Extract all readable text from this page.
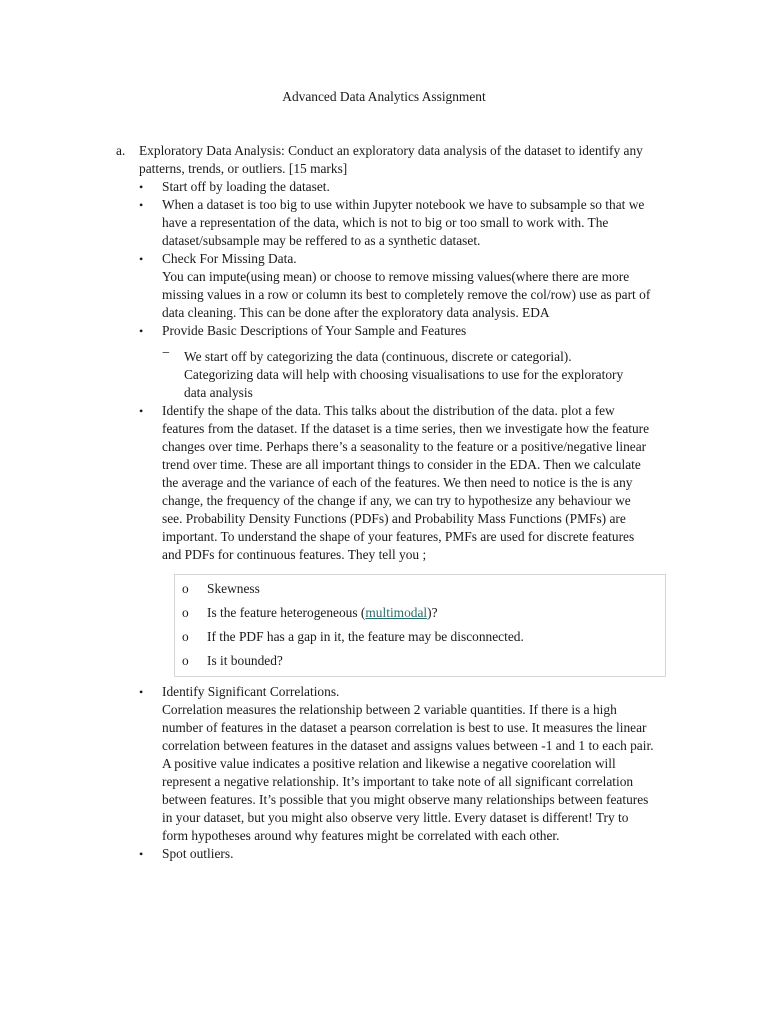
Advanced Data Analytics Assignment
a.	Exploratory Data Analysis: Conduct an exploratory data analysis of the dataset to identify any patterns, trends, or outliers. [15 marks]
• Start off by loading the dataset.
• When a dataset is too big to use within Jupyter notebook we have to subsample so that we have a representation of the data, which is not to big or too small to work with. The dataset/subsample may be reffered to as a synthetic dataset.
• Check For Missing Data.
You can impute(using mean) or choose to remove missing values(where there are more missing values in a row or column its best to completely remove the col/row) use as part of data cleaning. This can be done after the exploratory data analysis. EDA
• Provide Basic Descriptions of Your Sample and Features
− We start off by categorizing the data (continuous, discrete or categorial). Categorizing data will help with choosing visualisations to use for the exploratory data analysis
• Identify the shape of the data. This talks about the distribution of the data. plot a few features from the dataset. If the dataset is a time series, then we investigate how the feature changes over time. Perhaps there’s a seasonality to the feature or a positive/negative linear trend over time. These are all important things to consider in the EDA. Then we calculate the average and the variance of each of the features. We then need to notice is the is any change, the frequency of the change if any, we can try to hypothesize any behaviour we see. Probability Density Functions (PDFs) and Probability Mass Functions (PMFs) are important. To understand the shape of your features, PMFs are used for discrete features and PDFs for continuous features. They tell you ;
o	Skewness
o	Is the feature heterogeneous (multimodal)?
o	If the PDF has a gap in it, the feature may be disconnected.
o	Is it bounded?
• Identify Significant Correlations.
Correlation measures the relationship between 2 variable quantities. If there is a high number of features in the dataset a pearson correlation is best to use. It measures the linear correlation between features in the dataset and assigns values between -1 and 1 to each pair. A positive value indicates a positive relation and likewise a negative coorelation will represent a negative relationship. It’s important to take note of all significant correlation between features. It’s possible that you might observe many relationships between features in your dataset, but you might also observe very little. Every dataset is different! Try to form hypotheses around why features might be correlated with each other.
• Spot outliers.
